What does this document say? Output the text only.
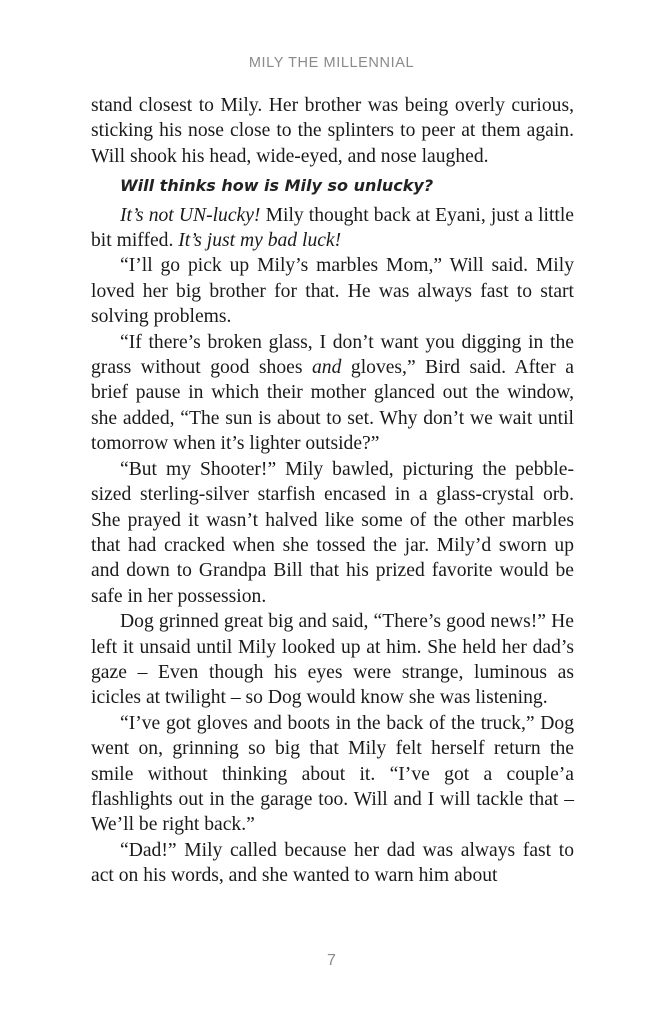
MILY THE MILLENNIAL

stand closest to Mily. Her brother was being overly curious, sticking his nose close to the splinters to peer at them again. Will shook his head, wide-eyed, and nose laughed.

Will thinks how is Mily so unlucky?

It’s not UN-lucky! Mily thought back at Eyani, just a little bit miffed. It’s just my bad luck!

“I’ll go pick up Mily’s marbles Mom,” Will said. Mily loved her big brother for that. He was always fast to start solving problems.

“If there’s broken glass, I don’t want you digging in the grass without good shoes and gloves,” Bird said. After a brief pause in which their mother glanced out the window, she added, “The sun is about to set. Why don’t we wait until tomorrow when it’s lighter outside?”

“But my Shooter!” Mily bawled, picturing the pebble-sized sterling-silver starfish encased in a glass-crystal orb. She prayed it wasn’t halved like some of the other marbles that had cracked when she tossed the jar. Mily’d sworn up and down to Grandpa Bill that his prized favorite would be safe in her possession.

Dog grinned great big and said, “There’s good news!” He left it unsaid until Mily looked up at him. She held her dad’s gaze – Even though his eyes were strange, luminous as icicles at twilight – so Dog would know she was listening.

“I’ve got gloves and boots in the back of the truck,” Dog went on, grinning so big that Mily felt herself return the smile without thinking about it. “I’ve got a couple’a flashlights out in the garage too. Will and I will tackle that – We’ll be right back.”

“Dad!” Mily called because her dad was always fast to act on his words, and she wanted to warn him about

7
